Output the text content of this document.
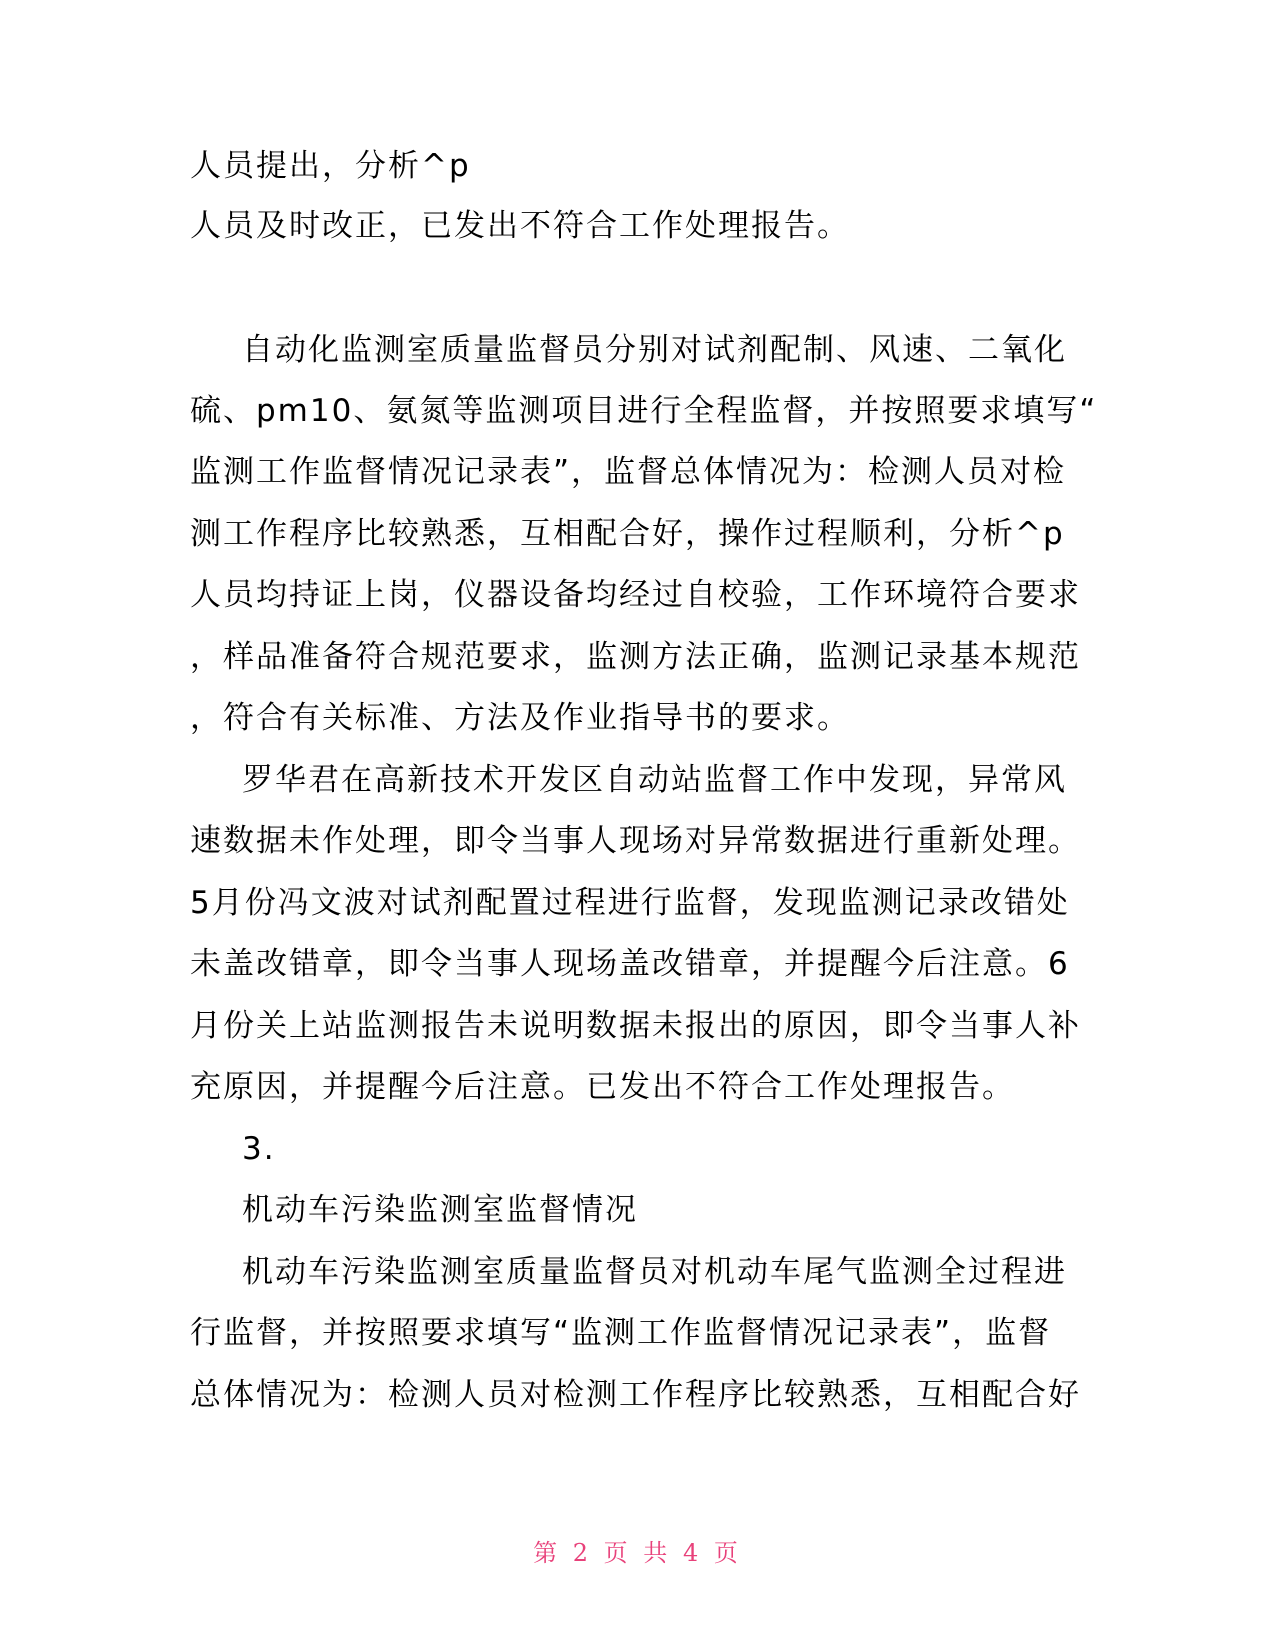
人员提出，分析^p
人员及时改正，已发出不符合工作处理报告。
自动化监测室质量监督员分别对试剂配制、风速、二氧化
硫、pm10、氨氮等监测项目进行全程监督，并按照要求填写“
监测工作监督情况记录表”，监督总体情况为：检测人员对检
测工作程序比较熟悉，互相配合好，操作过程顺利，分析^p
人员均持证上岗，仪器设备均经过自校验，工作环境符合要求
，样品准备符合规范要求，监测方法正确，监测记录基本规范
，符合有关标准、方法及作业指导书的要求。
罗华君在高新技术开发区自动站监督工作中发现，异常风
速数据未作处理，即令当事人现场对异常数据进行重新处理。
5月份冯文波对试剂配置过程进行监督，发现监测记录改错处
未盖改错章，即令当事人现场盖改错章，并提醒今后注意。6
月份关上站监测报告未说明数据未报出的原因，即令当事人补
充原因，并提醒今后注意。已发出不符合工作处理报告。
3.
机动车污染监测室监督情况
机动车污染监测室质量监督员对机动车尾气监测全过程进
行监督，并按照要求填写“监测工作监督情况记录表”，监督
总体情况为：检测人员对检测工作程序比较熟悉，互相配合好
第 2 页 共 4 页
